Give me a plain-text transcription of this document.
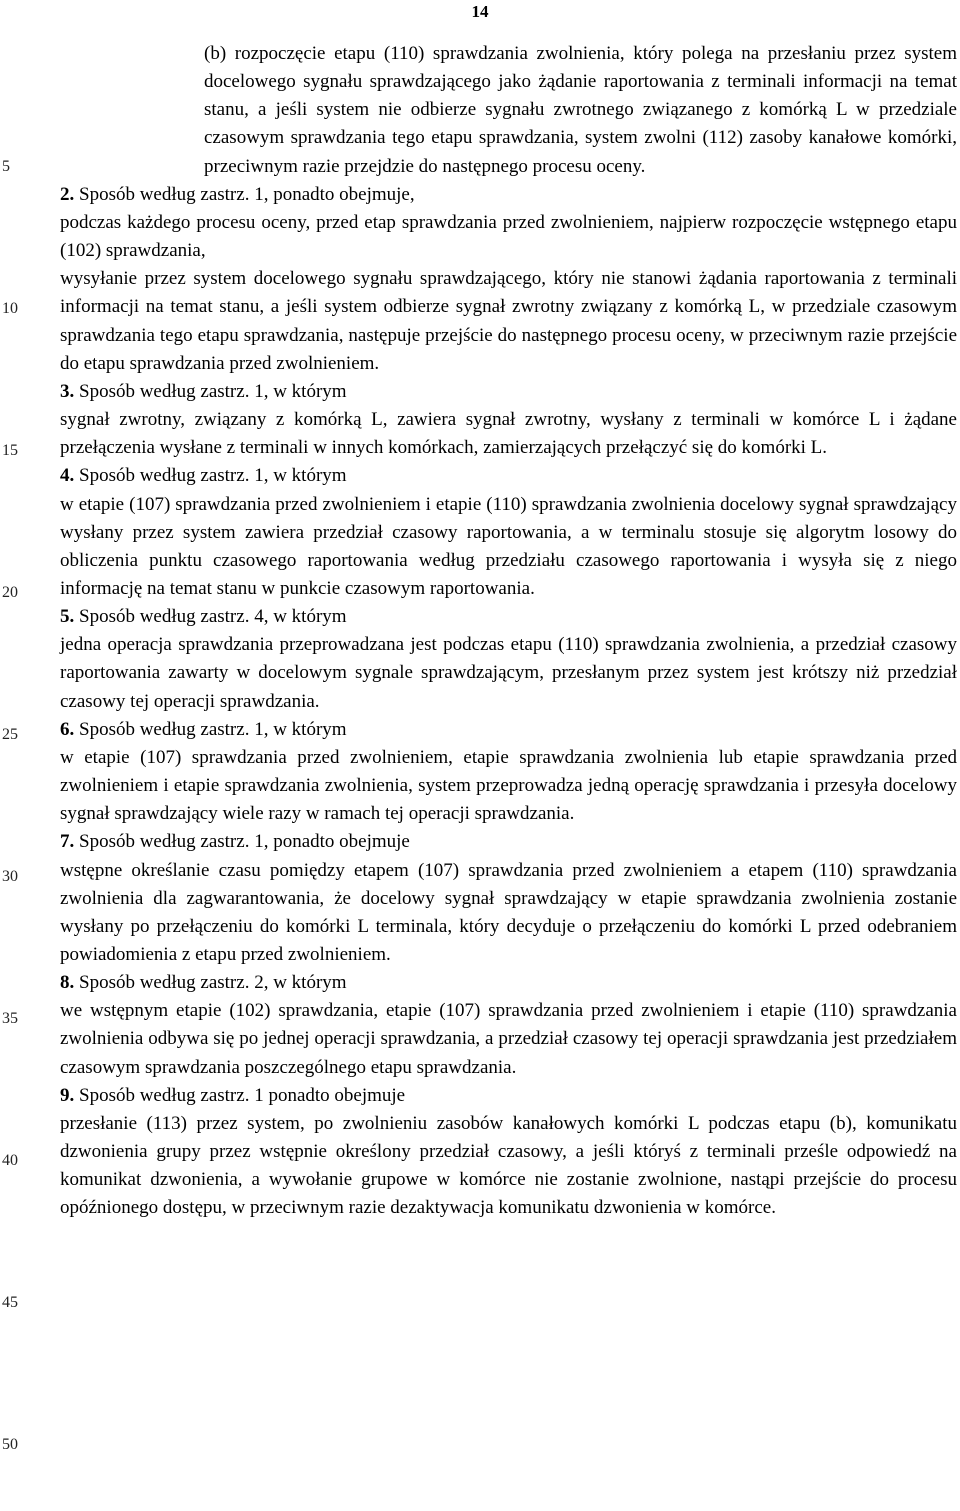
14
5
10
15
20
25
30
35
40
45
50

(b) rozpoczęcie etapu (110) sprawdzania zwolnienia, który polega na przesłaniu przez system docelowego sygnału sprawdzającego jako żądanie raportowania z terminali informacji na temat stanu, a jeśli system nie odbierze sygnału zwrotnego związanego z komórką L w przedziale czasowym sprawdzania tego etapu sprawdzania, system zwolni (112) zasoby kanałowe komórki, przeciwnym razie przejdzie do następnego procesu oceny.

2. Sposób według zastrz. 1, ponadto obejmuje,

podczas każdego procesu oceny, przed etap sprawdzania przed zwolnieniem, najpierw rozpoczęcie wstępnego etapu (102) sprawdzania,

wysyłanie przez system docelowego sygnału sprawdzającego, który nie stanowi żądania raportowania z terminali informacji na temat stanu, a jeśli system odbierze sygnał zwrotny związany z komórką L, w przedziale czasowym sprawdzania tego etapu sprawdzania, następuje przejście do następnego procesu oceny, w przeciwnym razie przejście do etapu sprawdzania przed zwolnieniem.

3. Sposób według zastrz. 1, w którym

sygnał zwrotny, związany z komórką L, zawiera sygnał zwrotny, wysłany z terminali w komórce L i żądane przełączenia wysłane z terminali w innych komórkach, zamierzających przełączyć się do komórki L.

4. Sposób według zastrz. 1, w którym

w etapie (107) sprawdzania przed zwolnieniem i etapie (110) sprawdzania zwolnienia docelowy sygnał sprawdzający wysłany przez system zawiera przedział czasowy raportowania, a w terminalu stosuje się algorytm losowy do obliczenia punktu czasowego raportowania według przedziału czasowego raportowania i wysyła się z niego informację na temat stanu w punkcie czasowym raportowania.

5. Sposób według zastrz. 4, w którym

jedna operacja sprawdzania przeprowadzana jest podczas etapu (110) sprawdzania zwolnienia, a przedział czasowy raportowania zawarty w docelowym sygnale sprawdzającym, przesłanym przez system jest krótszy niż przedział czasowy tej operacji sprawdzania.

6. Sposób według zastrz. 1, w którym

w etapie (107) sprawdzania przed zwolnieniem, etapie sprawdzania zwolnienia lub etapie sprawdzania przed zwolnieniem i etapie sprawdzania zwolnienia, system przeprowadza jedną operację sprawdzania i przesyła docelowy sygnał sprawdzający wiele razy w ramach tej operacji sprawdzania.

7. Sposób według zastrz. 1, ponadto obejmuje

wstępne określanie czasu pomiędzy etapem (107) sprawdzania przed zwolnieniem a etapem (110) sprawdzania zwolnienia dla zagwarantowania, że docelowy sygnał sprawdzający w etapie sprawdzania zwolnienia zostanie wysłany po przełączeniu do komórki L terminala, który decyduje o przełączeniu do komórki L przed odebraniem powiadomienia z etapu przed zwolnieniem.

8. Sposób według zastrz. 2, w którym

we wstępnym etapie (102) sprawdzania, etapie (107) sprawdzania przed zwolnieniem i etapie (110) sprawdzania zwolnienia odbywa się po jednej operacji sprawdzania, a przedział czasowy tej operacji sprawdzania jest przedziałem czasowym sprawdzania poszczególnego etapu sprawdzania.

9. Sposób według zastrz. 1 ponadto obejmuje

przesłanie (113) przez system, po zwolnieniu zasobów kanałowych komórki L podczas etapu (b), komunikatu dzwonienia grupy przez wstępnie określony przedział czasowy, a jeśli któryś z terminali prześle odpowiedź na komunikat dzwonienia, a wywołanie grupowe w komórce nie zostanie zwolnione, nastąpi przejście do procesu opóźnionego dostępu, w przeciwnym razie dezaktywacja komunikatu dzwonienia w komórce.
